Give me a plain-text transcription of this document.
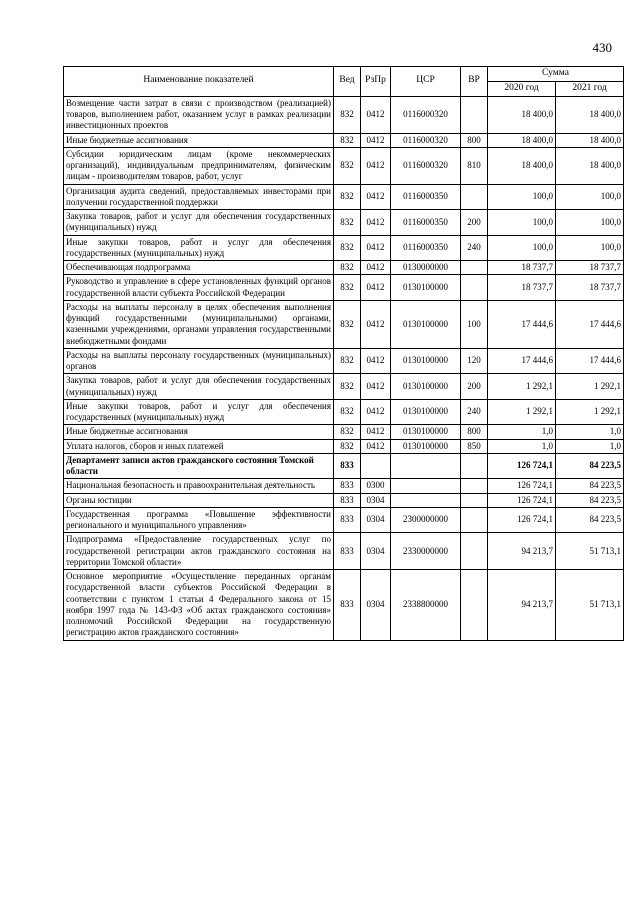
430
Наименование показателей	Вед	РзПр	ЦСР	ВР	Сумма	
					2020 год	2021 год
Возмещение части затрат в связи с производством (реализацией) товаров, выполнением работ, оказанием услуг в рамках реализации инвестиционных проектов	832	0412	0116000320		18 400,0	18 400,0
Иные бюджетные ассигнования	832	0412	0116000320	800	18 400,0	18 400,0
Субсидии юридическим лицам (кроме некоммерческих организаций), индивидуальным предпринимателям, физическим лицам - производителям товаров, работ, услуг	832	0412	0116000320	810	18 400,0	18 400,0
Организация аудита сведений, предоставляемых инвесторами при получении государственной поддержки	832	0412	0116000350		100,0	100,0
Закупка товаров, работ и услуг для обеспечения государственных (муниципальных) нужд	832	0412	0116000350	200	100,0	100,0
Иные закупки товаров, работ и услуг для обеспечения государственных (муниципальных) нужд	832	0412	0116000350	240	100,0	100,0
Обеспечивающая подпрограмма	832	0412	0130000000		18 737,7	18 737,7
Руководство и управление в сфере установленных функций органов государственной власти субъекта Российской Федерации	832	0412	0130100000		18 737,7	18 737,7
Расходы на выплаты персоналу в целях обеспечения выполнения функций государственными (муниципальными) органами, казенными учреждениями, органами управления государственными внебюджетными фондами	832	0412	0130100000	100	17 444,6	17 444,6
Расходы на выплаты персоналу государственных (муниципальных) органов	832	0412	0130100000	120	17 444,6	17 444,6
Закупка товаров, работ и услуг для обеспечения государственных (муниципальных) нужд	832	0412	0130100000	200	1 292,1	1 292,1
Иные закупки товаров, работ и услуг для обеспечения государственных (муниципальных) нужд	832	0412	0130100000	240	1 292,1	1 292,1
Иные бюджетные ассигнования	832	0412	0130100000	800	1,0	1,0
Уплата налогов, сборов и иных платежей	832	0412	0130100000	850	1,0	1,0
Департамент записи актов гражданского состояния Томской области	833				126 724,1	84 223,5
Национальная безопасность и правоохранительная деятельность	833	0300			126 724,1	84 223,5
Органы юстиции	833	0304			126 724,1	84 223,5
Государственная программа «Повышение эффективности регионального и муниципального управления»	833	0304	2300000000		126 724,1	84 223,5
Подпрограмма «Предоставление государственных услуг по государственной регистрации актов гражданского состояния на территории Томской области»	833	0304	2330000000		94 213,7	51 713,1
Основное мероприятие «Осуществление переданных органам государственной власти субъектов Российской Федерации в соответствии с пунктом 1 статьи 4 Федерального закона от 15 ноября 1997 года № 143-ФЗ «Об актах гражданского состояния» полномочий Российской Федерации на государственную регистрацию актов гражданского состояния»	833	0304	2338800000		94 213,7	51 713,1
